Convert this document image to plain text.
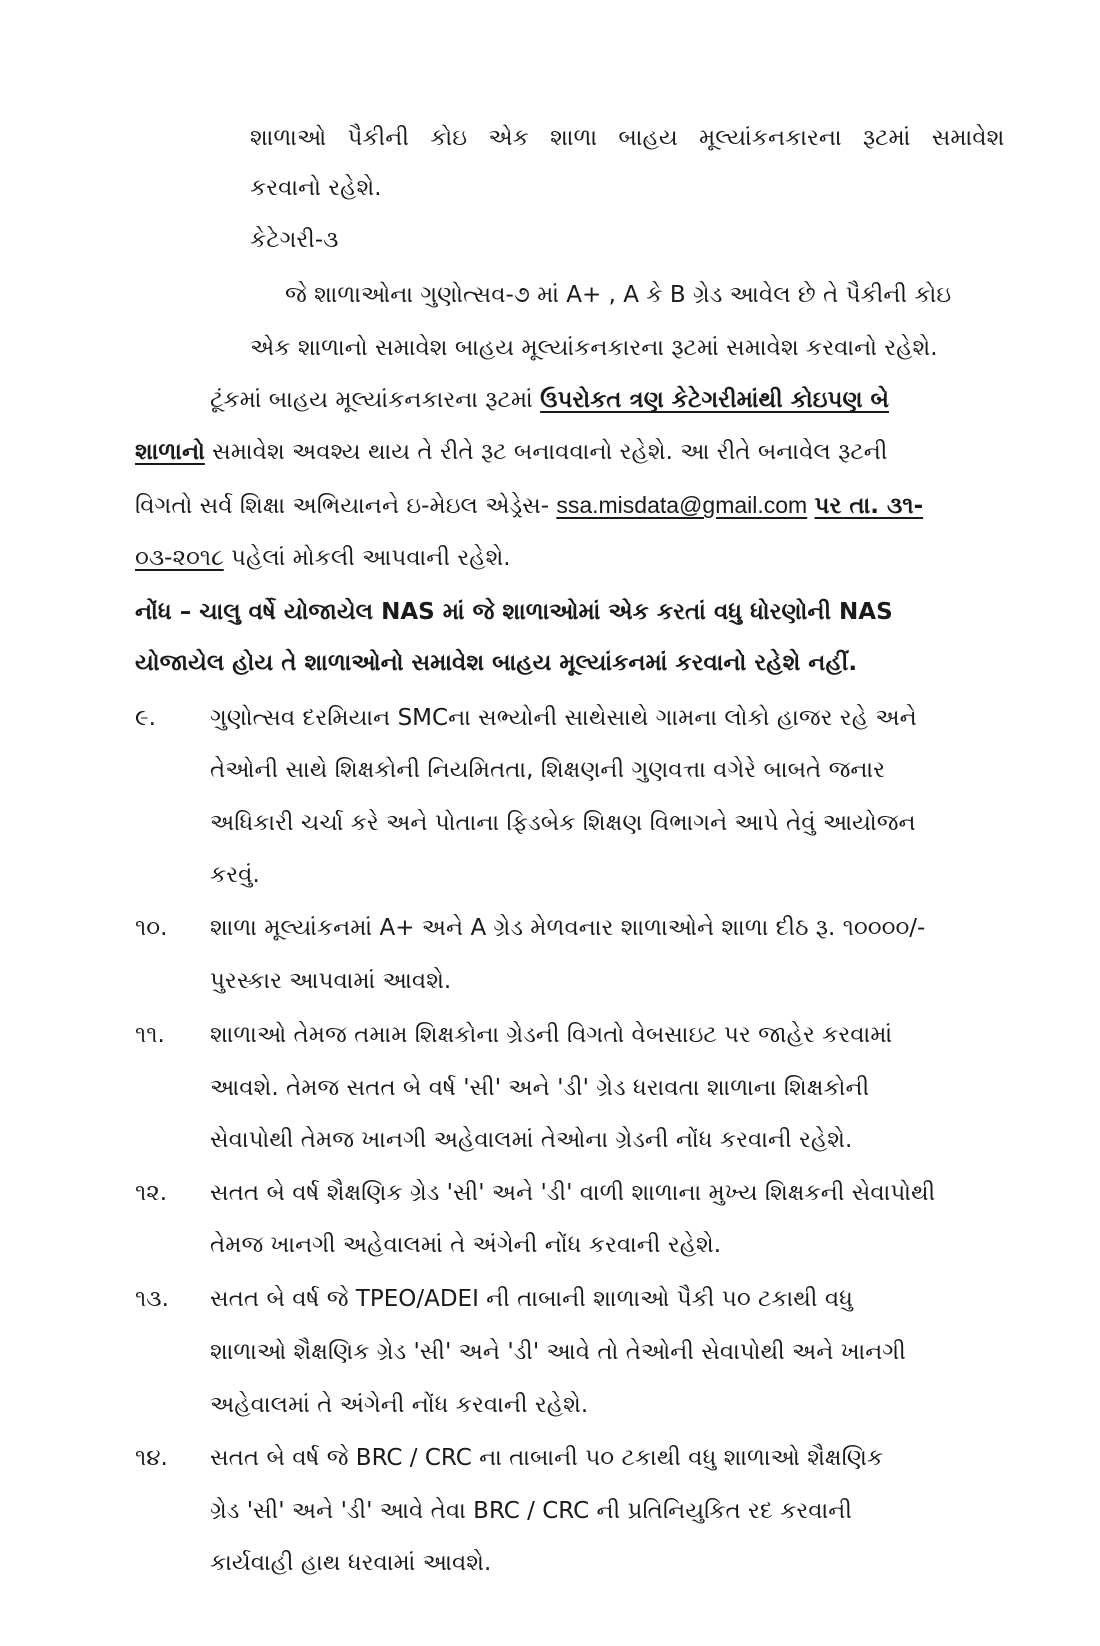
શાળાઓ પૈકીની કોઇ એક શાળા બાહય મૂલ્યાંકનકારના રૂટમાં સમાવેશ
કરવાનો રહેશે.
કેટેગરી-૩
જે શાળાઓના ગુણોત્સવ-૭ માં A+ , A કે B ગ્રેડ આવેલ છે તે પૈકીની કોઇ
એક શાળાનો સમાવેશ બાહય મૂલ્યાંકનકારના રૂટમાં સમાવેશ કરવાનો રહેશે.
ટૂંકમાં બાહય મૂલ્યાંકનકારના રૂટમાં ઉપરોકત ત્રણ કેટેગરીમાંથી કોઇપણ બે
શાળાનો સમાવેશ અવશ્ય થાય તે રીતે રૂટ બનાવવાનો રહેશે. આ રીતે બનાવેલ રૂટની
વિગતો સર્વ શિક્ષા અભિયાનને ઇ-મેઇલ એડ્રેસ- ssa.misdata@gmail.com પર તા. ૩૧-
૦૩-૨૦૧૮ પહેલાં મોકલી આપવાની રહેશે.
નોંધ – ચાલુ વર્ષે યોજાયેલ NAS માં જે શાળાઓમાં એક કરતાં વધુ ધોરણોની NAS
યોજાયેલ હોય તે શાળાઓનો સમાવેશ બાહય મૂલ્યાંકનમાં કરવાનો રહેશે નહીં.
૯. ગુણોત્સવ દરમિયાન SMCના સભ્યોની સાથેસાથે ગામના લોકો હાજર રહે અને
તેઓની સાથે શિક્ષકોની નિયમિતતા, શિક્ષણની ગુણવત્તા વગેરે બાબતે જનાર
અધિકારી ચર્ચા કરે અને પોતાના ફિડબેક શિક્ષણ વિભાગને આપે તેવું આયોજન
કરવું.
૧૦. શાળા મૂલ્યાંકનમાં A+ અને A ગ્રેડ મેળવનાર શાળાઓને શાળા દીઠ રૂ. ૧૦૦૦૦/-
પુરસ્કાર આપવામાં આવશે.
૧૧. શાળાઓ તેમજ તમામ શિક્ષકોના ગ્રેડની વિગતો વેબસાઇટ પર જાહેર કરવામાં
આવશે. તેમજ સતત બે વર્ષ 'સી' અને 'ડી' ગ્રેડ ધરાવતા શાળાના શિક્ષકોની
સેવાપોથી તેમજ ખાનગી અહેવાલમાં તેઓના ગ્રેડની નોંધ કરવાની રહેશે.
૧૨. સતત બે વર્ષ શૈક્ષણિક ગ્રેડ 'સી' અને 'ડી' વાળી શાળાના મુખ્ય શિક્ષકની સેવાપોથી
તેમજ ખાનગી અહેવાલમાં તે અંગેની નોંધ કરવાની રહેશે.
૧૩. સતત બે વર્ષ જે TPEO/ADEI ની તાબાની શાળાઓ પૈકી ૫૦ ટકાથી વધુ
શાળાઓ શૈક્ષણિક ગ્રેડ 'સી' અને 'ડી' આવે તો તેઓની સેવાપોથી અને ખાનગી
અહેવાલમાં તે અંગેની નોંધ કરવાની રહેશે.
૧૪. સતત બે વર્ષ જે BRC / CRC ના તાબાની ૫૦ ટકાથી વધુ શાળાઓ શૈક્ષણિક
ગ્રેડ 'સી' અને 'ડી' આવે તેવા BRC / CRC ની પ્રતિનિયુકિત રદ કરવાની
કાર્યવાહી હાથ ધરવામાં આવશે.
